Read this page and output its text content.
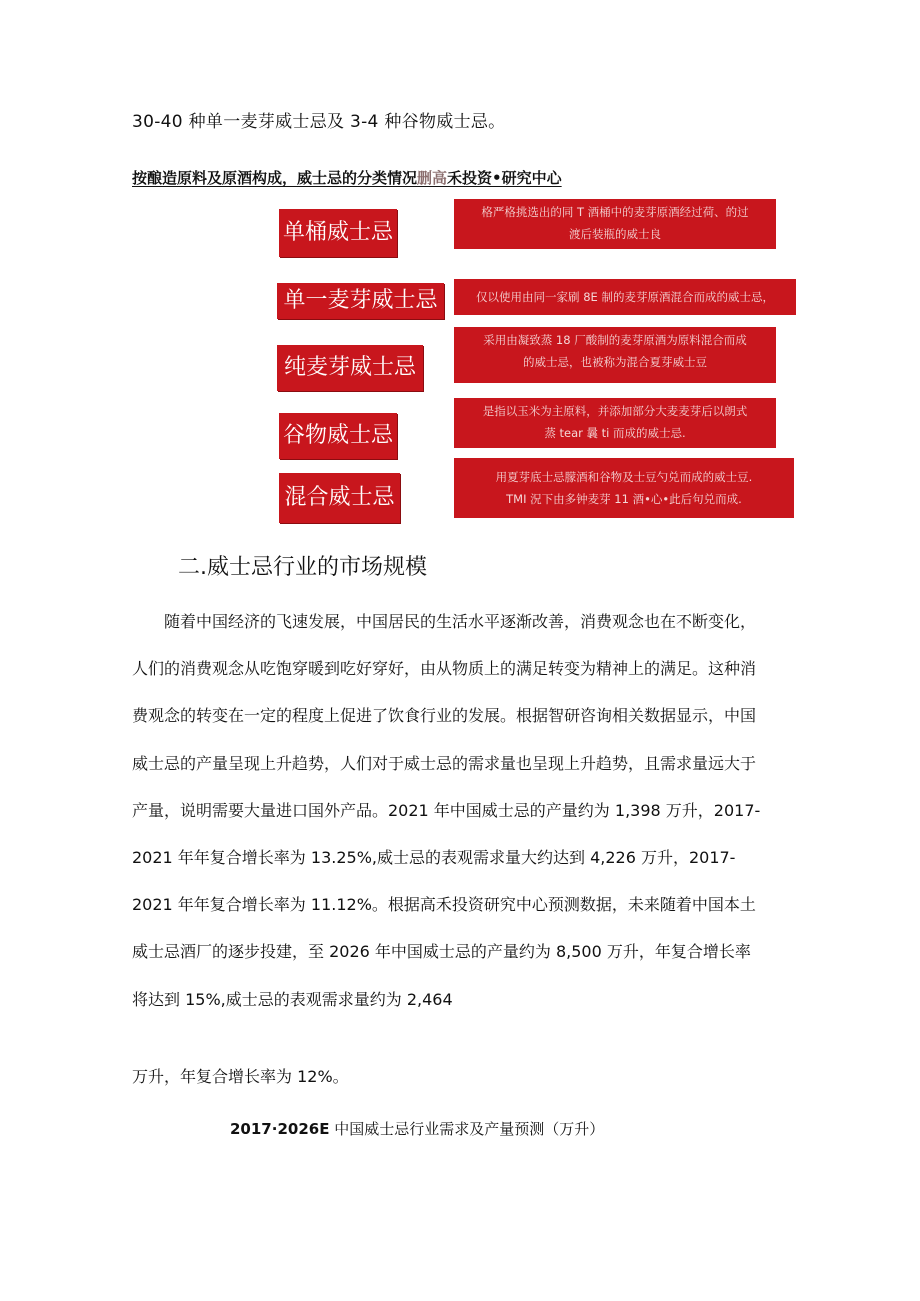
30-40 种单一麦芽威士忌及 3-4 种谷物威士忌。
按酿造原料及原酒构成，威士忌的分类情况删高禾投资•研究中心
单桶威士忌
格严格挑选出的同 T 酒桶中的麦芽原酒经过荷、的过
渡后装瓶的威士良
单一麦芽威士忌	仅以使用由同一家刷 8E 制的麦芽原酒混合而成的威士忌，
纯麦芽威士忌
采用由凝致蒸 18 厂酸制的麦芽原酒为原料混合而成
的威士忌，也被称为混合夏芽威士豆
谷物威士忌
是指以玉米为主原料，并添加部分大麦麦芽后以朗式
蒸 tear 曩 ti 而成的威士忌.
混合威士忌
用夏芽底士忌朦酒和谷物及士豆勺兑而成的威士豆.
TMI 況下由多钟麦芽 11 酒•心•此后句兑而成.
二.威士忌行业的市场规模

随着中国经济的飞速发展，中国居民的生活水平逐渐改善，消费观念也在不断变化，

人们的消费观念从吃饱穿暖到吃好穿好，由从物质上的满足转变为精神上的满足。这种消

费观念的转变在一定的程度上促进了饮食行业的发展。根据智研咨询相关数据显示，中国

威士忌的产量呈现上升趋势，人们对于威士忌的需求量也呈现上升趋势，且需求量远大于

产量，说明需要大量进口国外产品。2021 年中国威士忌的产量约为 1,398 万升，2017-

2021 年年复合增长率为 13.25%,威士忌的表观需求量大约达到 4,226 万升，2017-

2021 年年复合增长率为 11.12%。根据高禾投资研究中心预测数据，未来随着中国本土

威士忌酒厂的逐步投建，至 2026 年中国威士忌的产量约为 8,500 万升，年复合增长率

将达到 15%,威士忌的表观需求量约为 2,464

万升，年复合增长率为 12%。
2017·2026E 中国威士忌行业需求及产量预测（万升）
